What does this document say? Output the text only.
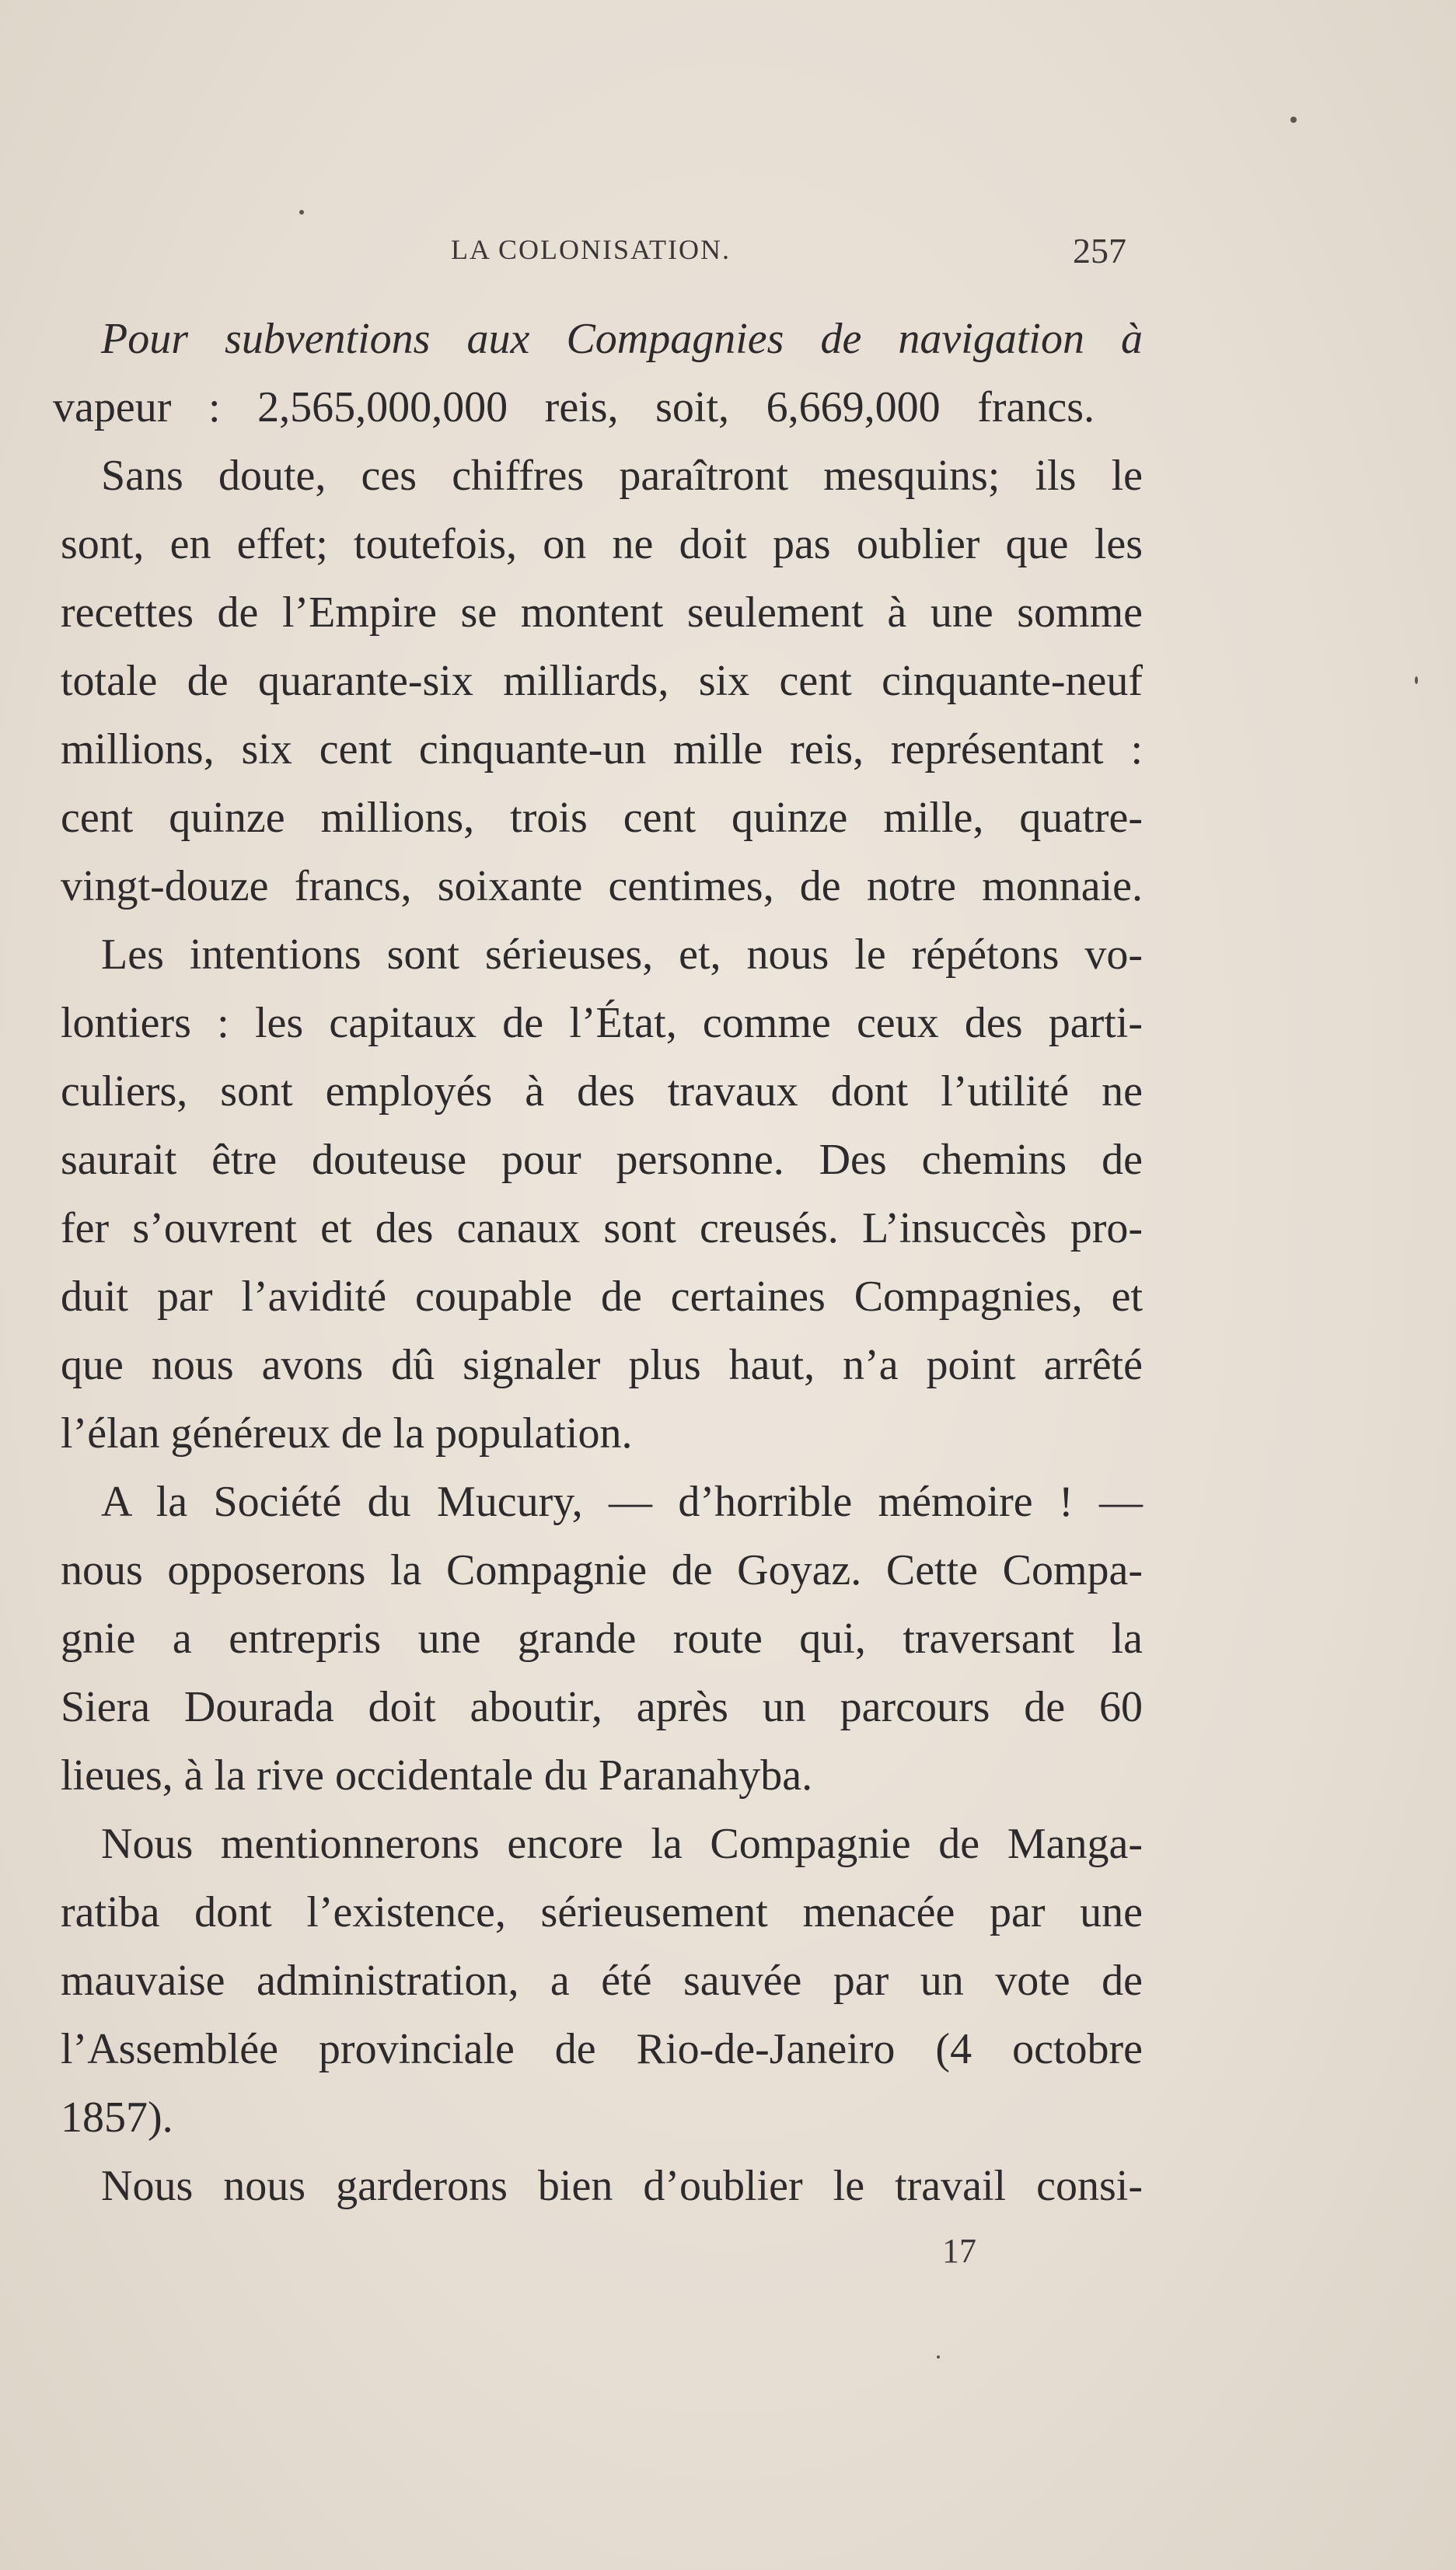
LA COLONISATION.	257
Pour subventions aux Compagnies de navigation à
vapeur : 2,565,000,000 reis, soit, 6,669,000 francs.
Sans doute, ces chiffres paraîtront mesquins; ils le
sont, en effet; toutefois, on ne doit pas oublier que les
recettes de l’Empire se montent seulement à une somme
totale de quarante-six milliards, six cent cinquante-neuf
millions, six cent cinquante-un mille reis, représentant :
cent quinze millions, trois cent quinze mille, quatre-
vingt-douze francs, soixante centimes, de notre monnaie.
Les intentions sont sérieuses, et, nous le répétons vo-
lontiers : les capitaux de l’État, comme ceux des parti-
culiers, sont employés à des travaux dont l’utilité ne
saurait être douteuse pour personne. Des chemins de
fer s’ouvrent et des canaux sont creusés. L’insuccès pro-
duit par l’avidité coupable de certaines Compagnies, et
que nous avons dû signaler plus haut, n’a point arrêté
l’élan généreux de la population.
A la Société du Mucury, — d’horrible mémoire ! —
nous opposerons la Compagnie de Goyaz. Cette Compa-
gnie a entrepris une grande route qui, traversant la
Siera Dourada doit aboutir, après un parcours de 60
lieues, à la rive occidentale du Paranahyba.
Nous mentionnerons encore la Compagnie de Manga-
ratiba dont l’existence, sérieusement menacée par une
mauvaise administration, a été sauvée par un vote de
l’Assemblée provinciale de Rio-de-Janeiro (4 octobre
1857).
Nous nous garderons bien d’oublier le travail consi-
17
